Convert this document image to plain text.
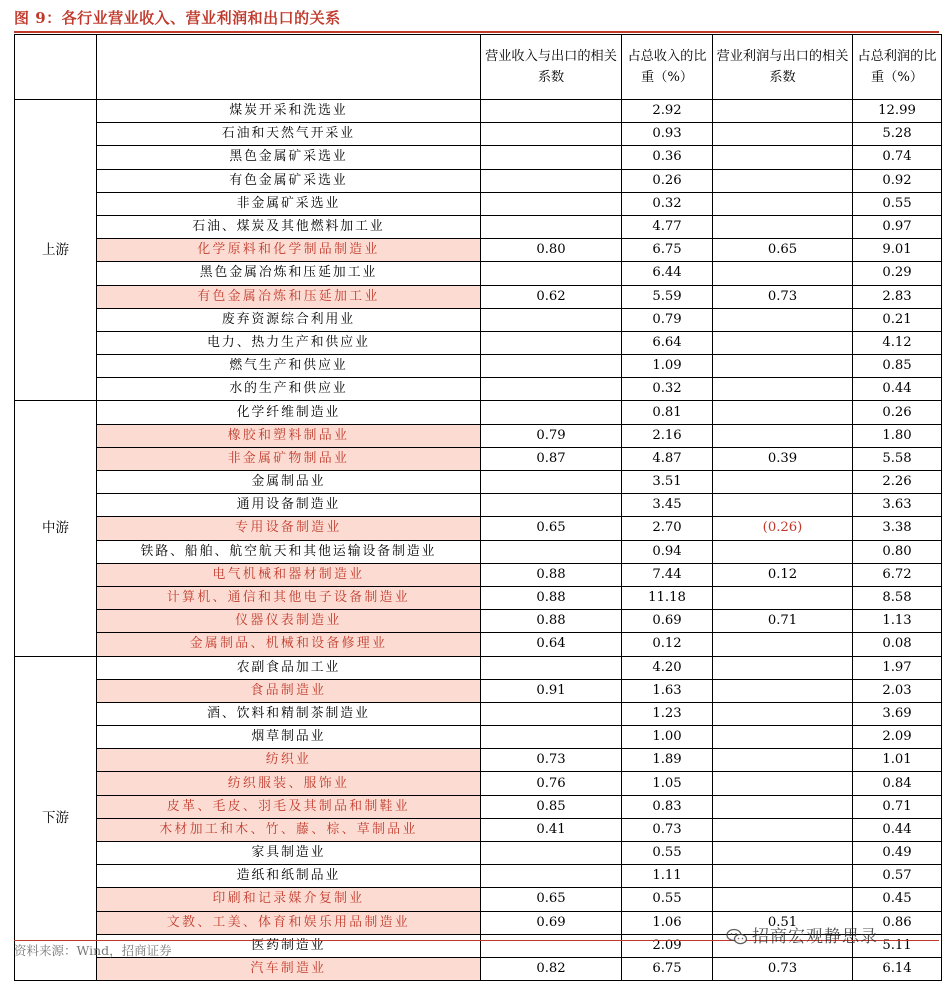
图 9：各行业营业收入、营业利润和出口的关系
		营业收入与出口的相关系数	占总收入的比重（%）	营业利润与出口的相关系数	占总利润的比重（%）
上游	煤炭开采和洗选业		2.92		12.99
	石油和天然气开采业		0.93		5.28
	黑色金属矿采选业		0.36		0.74
	有色金属矿采选业		0.26		0.92
	非金属矿采选业		0.32		0.55
	石油、煤炭及其他燃料加工业		4.77		0.97
	化学原料和化学制品制造业	0.80	6.75	0.65	9.01
	黑色金属冶炼和压延加工业		6.44		0.29
	有色金属冶炼和压延加工业	0.62	5.59	0.73	2.83
	废弃资源综合利用业		0.79		0.21
	电力、热力生产和供应业		6.64		4.12
	燃气生产和供应业		1.09		0.85
	水的生产和供应业		0.32		0.44
中游	化学纤维制造业		0.81		0.26
	橡胶和塑料制品业	0.79	2.16		1.80
	非金属矿物制品业	0.87	4.87	0.39	5.58
	金属制品业		3.51		2.26
	通用设备制造业		3.45		3.63
	专用设备制造业	0.65	2.70	(0.26)	3.38
	铁路、船舶、航空航天和其他运输设备制造业		0.94		0.80
	电气机械和器材制造业	0.88	7.44	0.12	6.72
	计算机、通信和其他电子设备制造业	0.88	11.18		8.58
	仪器仪表制造业	0.88	0.69	0.71	1.13
	金属制品、机械和设备修理业	0.64	0.12		0.08
下游	农副食品加工业		4.20		1.97
	食品制造业	0.91	1.63		2.03
	酒、饮料和精制茶制造业		1.23		3.69
	烟草制品业		1.00		2.09
	纺织业	0.73	1.89		1.01
	纺织服装、服饰业	0.76	1.05		0.84
	皮革、毛皮、羽毛及其制品和制鞋业	0.85	0.83		0.71
	木材加工和木、竹、藤、棕、草制品业	0.41	0.73		0.44
	家具制造业		0.55		0.49
	造纸和纸制品业		1.11		0.57
	印刷和记录媒介复制业	0.65	0.55		0.45
	文教、工美、体育和娱乐用品制造业	0.69	1.06	0.51	0.86
	医药制造业		2.09		5.11
	汽车制造业	0.82	6.75	0.73	6.14
资料来源：Wind，招商证券
招商宏观静思录
